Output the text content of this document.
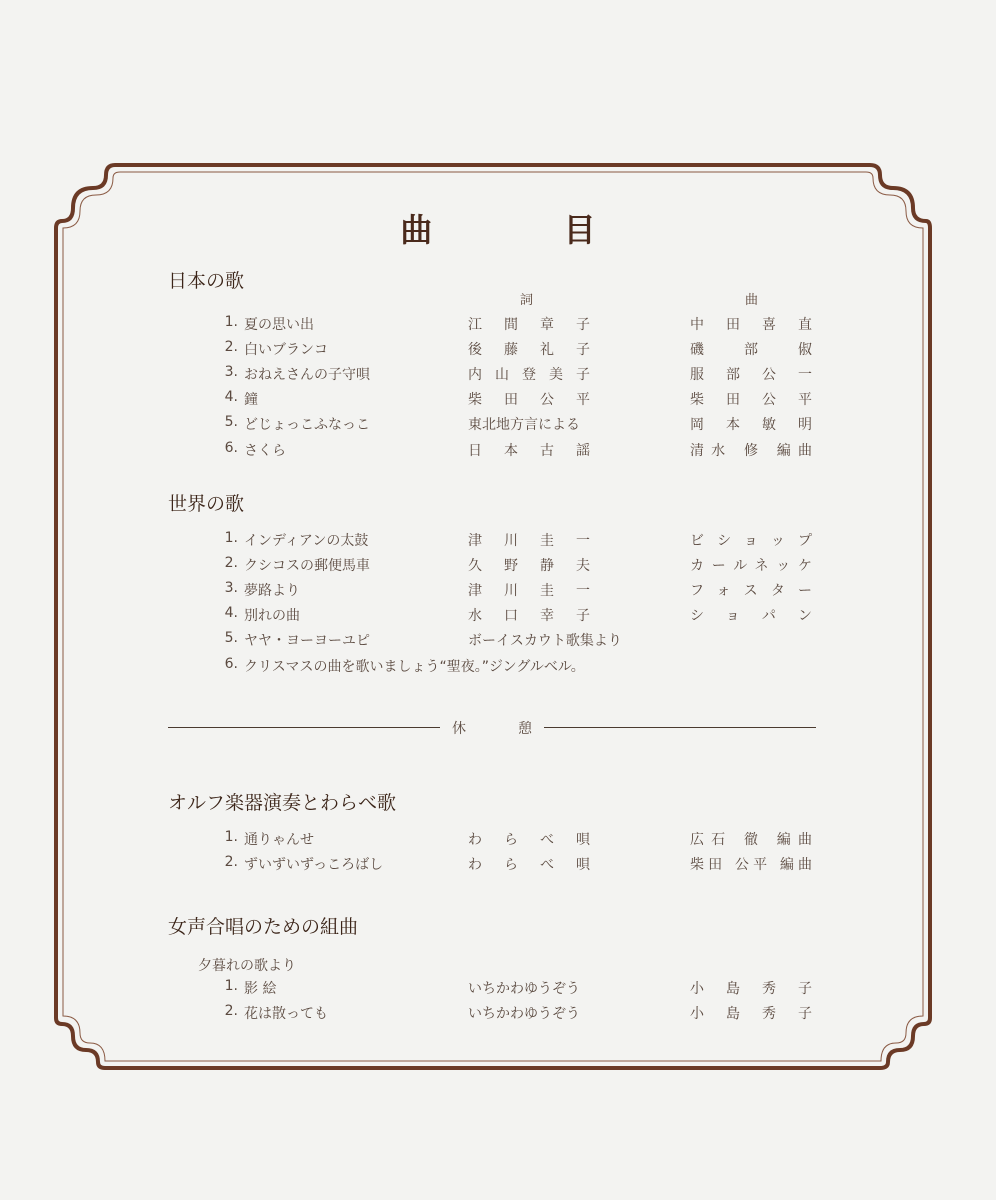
曲 目
日本の歌
詞	曲
1. 夏の思い出	江間章子	中田喜直
2. 白いブランコ	後藤礼子	磯部俶
3. おねえさんの子守唄	内山登美子	服部公一
4. 鐘	柴田公平	柴田公平
5. どじょっこふなっこ	東北地方言による	岡本敏明
6. さくら	日本古謡	清水 修 編曲
世界の歌
1. インディアンの太鼓	津川圭一	ビショップ
2. クシコスの郵便馬車	久野静夫	カールネッケ
3. 夢路より	津川圭一	フォスター
4. 別れの曲	水口幸子	ショパン
5. ヤヤ・ヨーヨーユピ	ボーイスカウト歌集より
6. クリスマスの曲を歌いましょう“聖夜。”ジングルベル。
休 憩
オルフ楽器演奏とわらべ歌
1. 通りゃんせ	わらべ唄	広石 徹 編曲
2. ずいずいずっころばし	わらべ唄	柴田 公平 編曲
女声合唱のための組曲
夕暮れの歌より
1. 影 絵	いちかわゆうぞう	小島秀子
2. 花は散っても	いちかわゆうぞう	小島秀子
